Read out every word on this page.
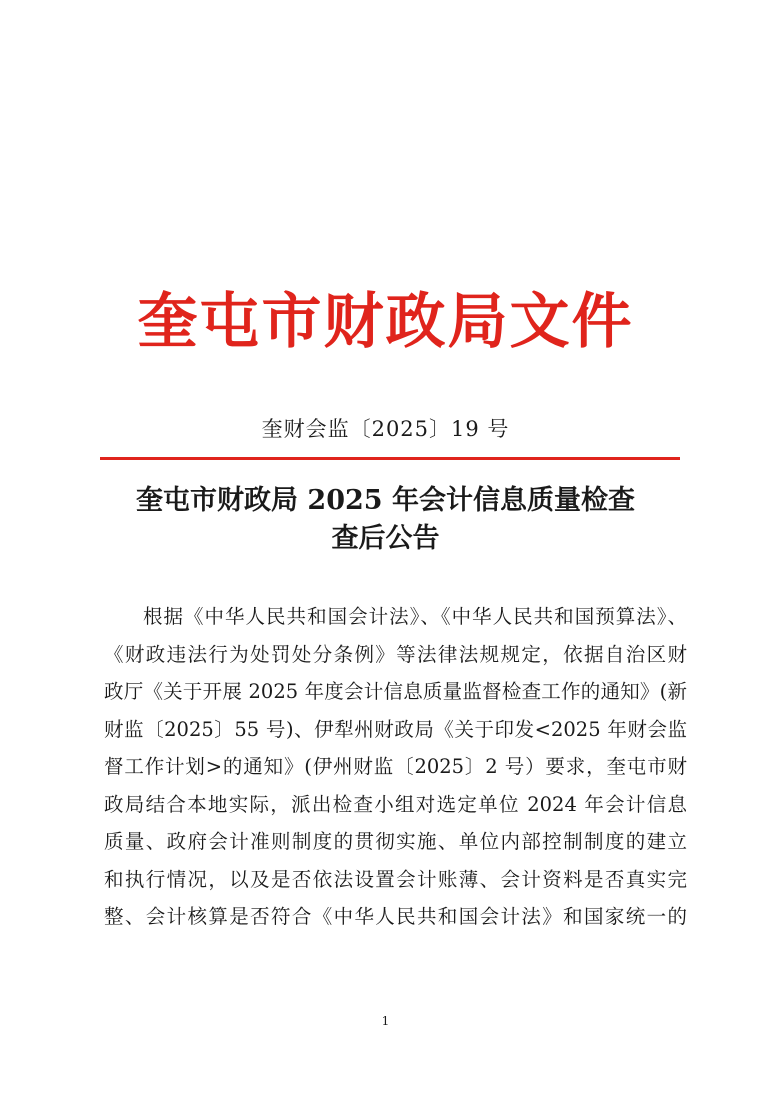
奎屯市财政局文件
奎财会监〔2025〕19 号
奎屯市财政局 2025 年会计信息质量检查
查后公告
根据《中华人民共和国会计法》、《中华人民共和国预算法》、
《财政违法行为处罚处分条例》等法律法规规定，依据自治区财
政厅《关于开展 2025 年度会计信息质量监督检查工作的通知》(新
财监〔2025〕55 号)、伊犁州财政局《关于印发<2025 年财会监
督工作计划>的通知》(伊州财监〔2025〕2 号）要求，奎屯市财
政局结合本地实际，派出检查小组对选定单位 2024 年会计信息
质量、政府会计准则制度的贯彻实施、单位内部控制制度的建立
和执行情况，以及是否依法设置会计账薄、会计资料是否真实完
整、会计核算是否符合《中华人民共和国会计法》和国家统一的
1
